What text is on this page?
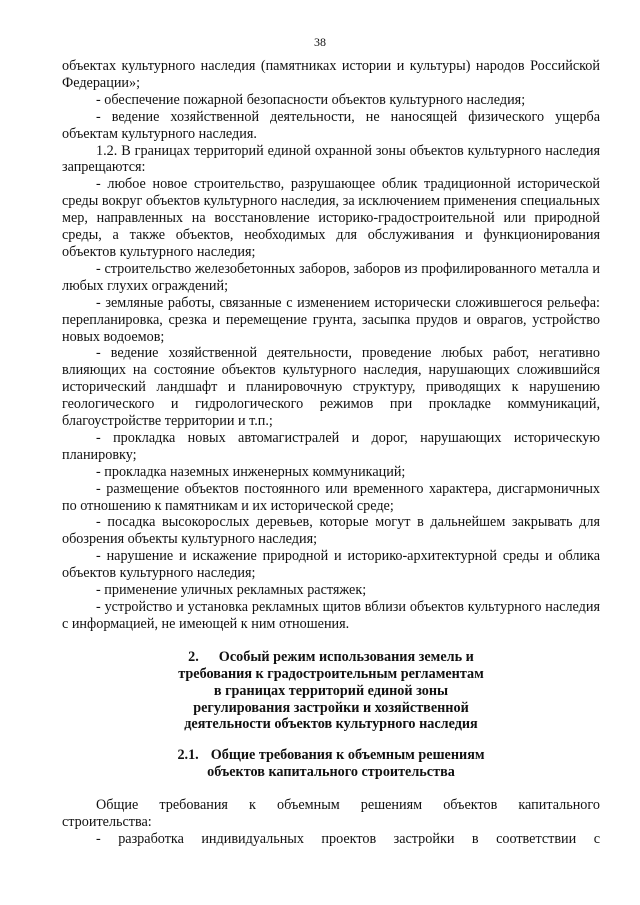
38

объектах культурного наследия (памятниках истории и культуры) народов Российской Федерации»;

- обеспечение пожарной безопасности объектов культурного наследия;

- ведение хозяйственной деятельности, не наносящей физического ущерба объектам культурного наследия.

1.2. В границах территорий единой охранной зоны объектов культурного наследия запрещаются:

- любое новое строительство, разрушающее облик традиционной исторической среды вокруг объектов культурного наследия, за исключением применения специальных мер, направленных на восстановление историко-градостроительной или природной среды, а также объектов, необходимых для обслуживания и функционирования объектов культурного наследия;

- строительство железобетонных заборов, заборов из профилированного металла и любых глухих ограждений;

- земляные работы, связанные с изменением исторически сложившегося рельефа: перепланировка, срезка и перемещение грунта, засыпка прудов и оврагов, устройство новых водоемов;

- ведение хозяйственной деятельности, проведение любых работ, негативно влияющих на состояние объектов культурного наследия, нарушающих сложившийся исторический ландшафт и планировочную структуру, приводящих к нарушению геологического и гидрологического режимов при прокладке коммуникаций, благоустройстве территории и т.п.;

- прокладка новых автомагистралей и дорог, нарушающих историческую планировку;

- прокладка наземных инженерных коммуникаций;

- размещение объектов постоянного или временного характера, дисгармоничных по отношению к памятникам и их исторической среде;

- посадка высокорослых деревьев, которые могут в дальнейшем закрывать для обозрения объекты культурного наследия;

- нарушение и искажение природной и историко-архитектурной среды и облика объектов культурного наследия;

- применение уличных рекламных растяжек;

- устройство и установка рекламных щитов вблизи объектов культурного наследия с информацией, не имеющей к ним отношения.

2. Особый режим использования земель и
требования к градостроительным регламентам
в границах территорий единой зоны
регулирования застройки и хозяйственной
деятельности объектов культурного наследия
2.1. Общие требования к объемным решениям
объектов капитального строительства
Общие требования к объемным решениям объектов капитального

строительства:

- разработка индивидуальных проектов застройки в соответствии с
